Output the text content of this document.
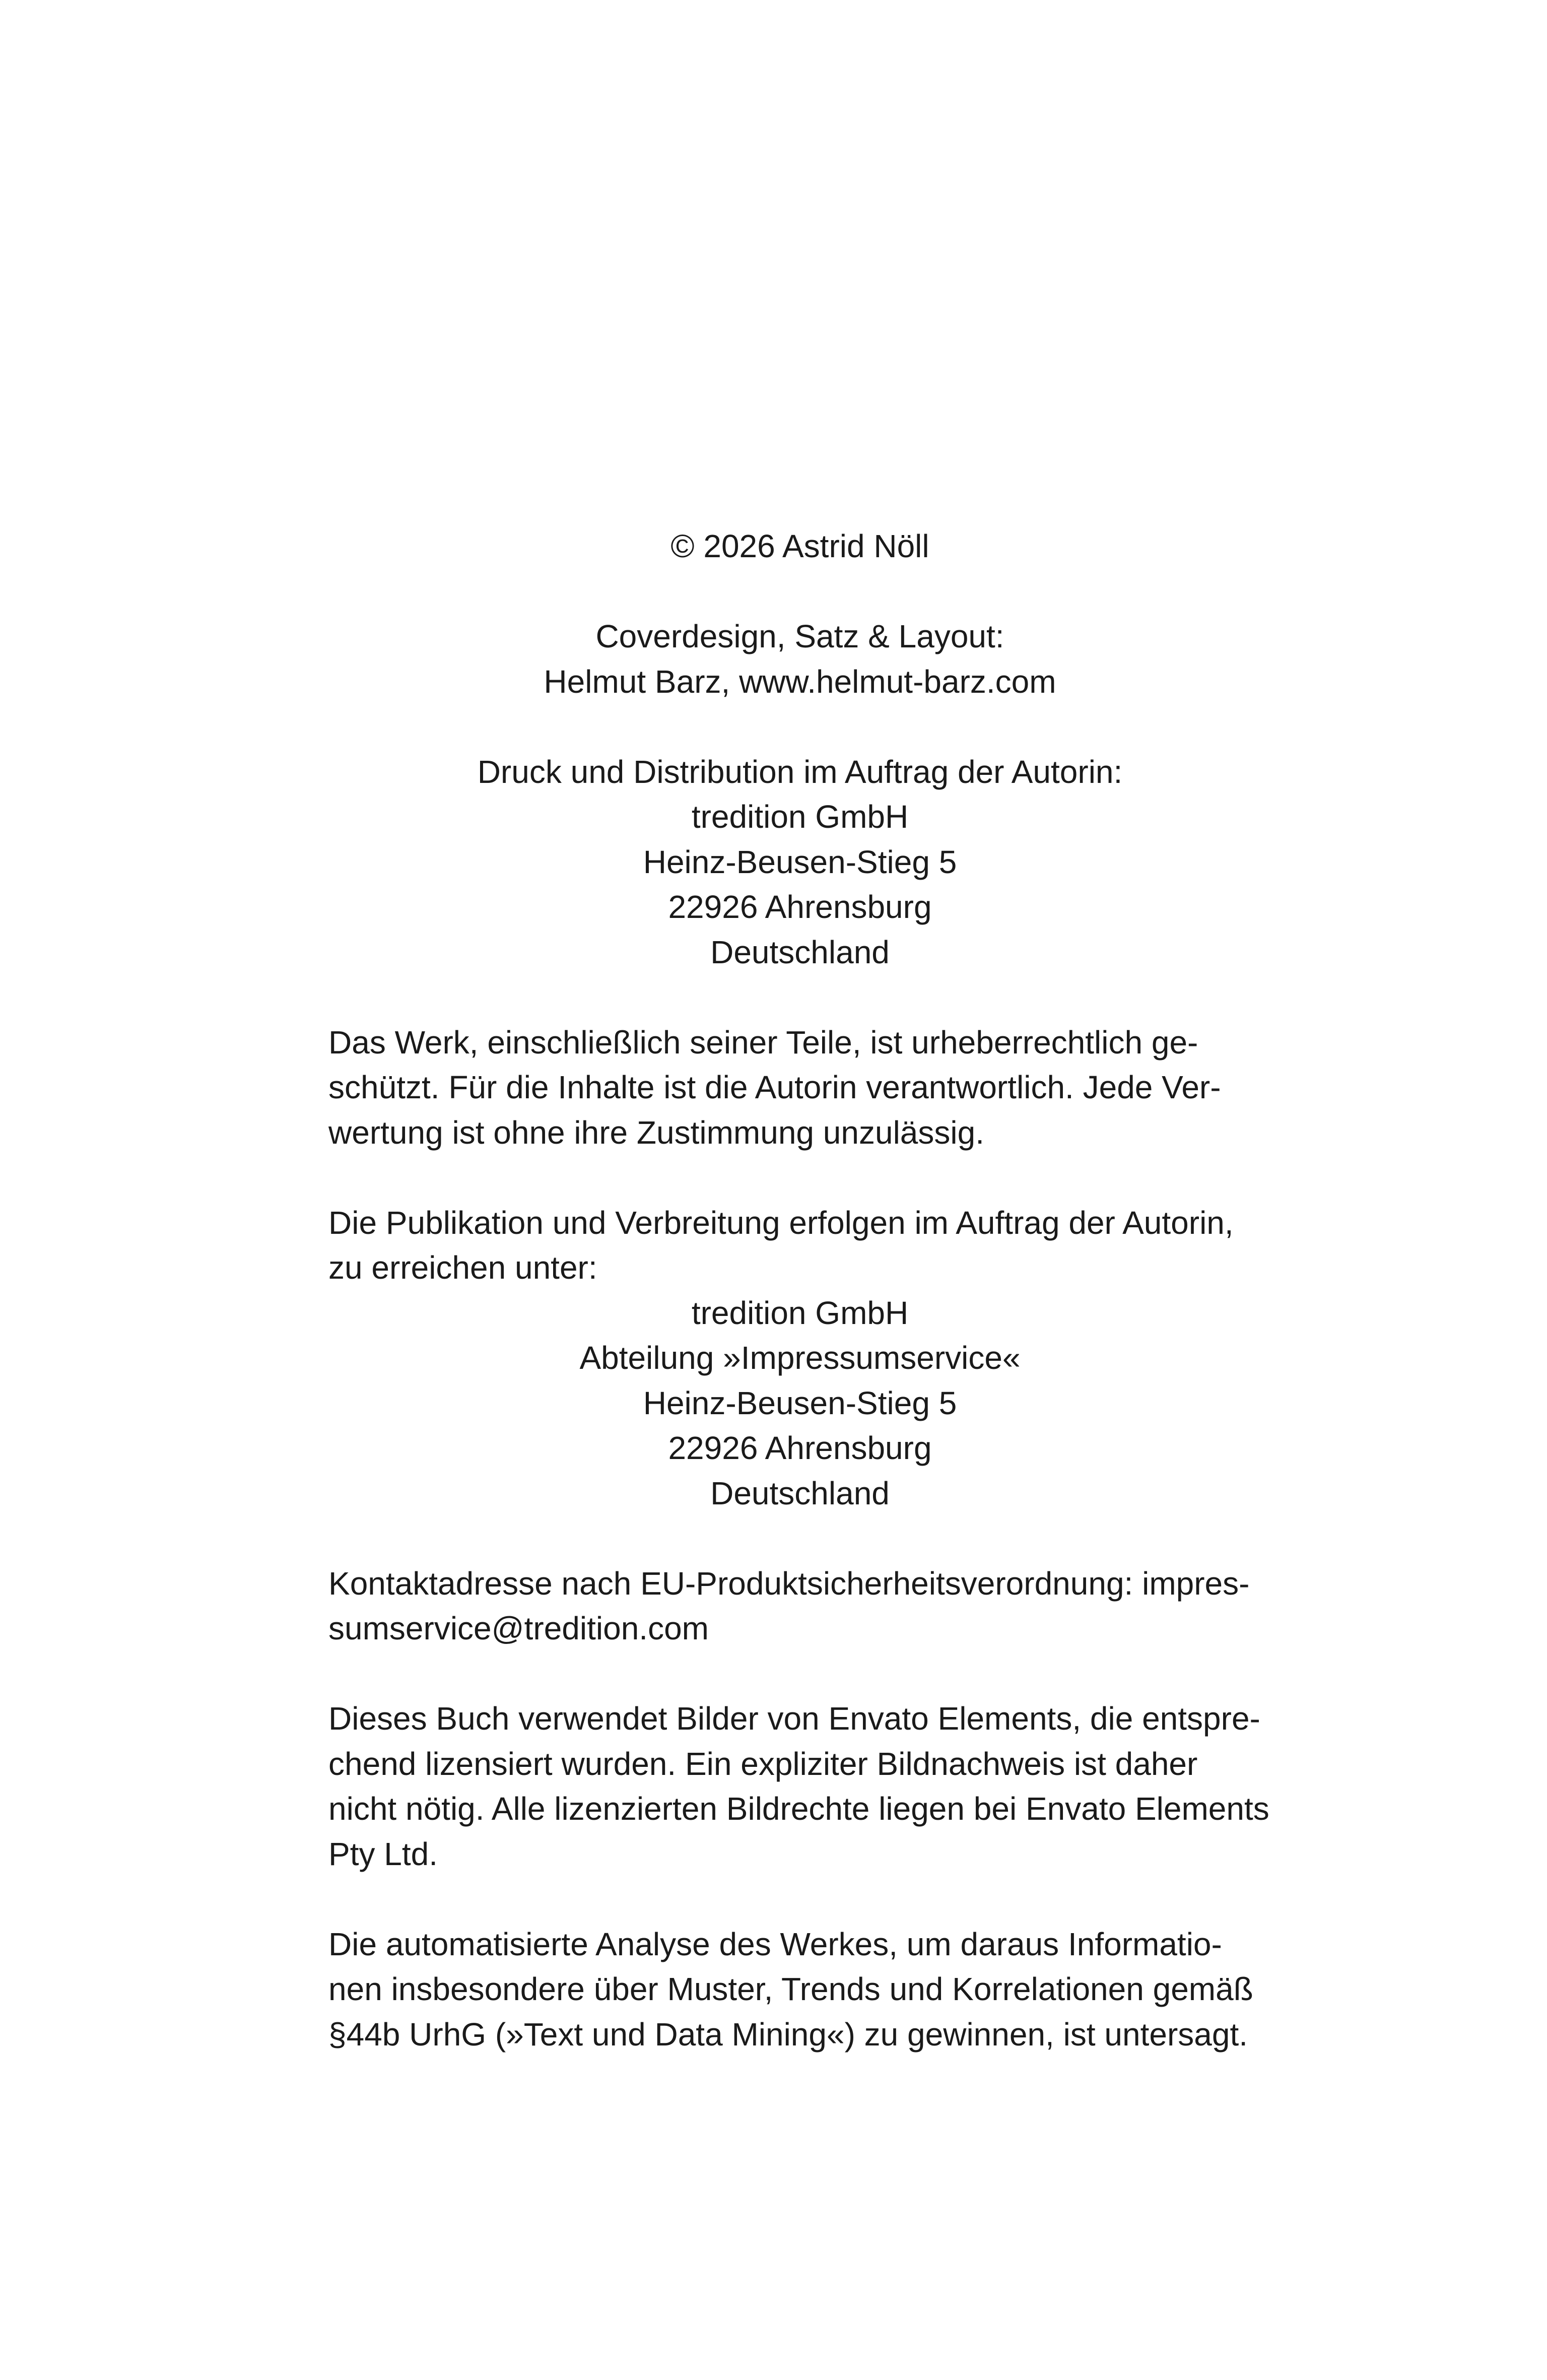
© 2026 Astrid Nöll
Coverdesign, Satz & Layout:
Helmut Barz, www.helmut-barz.com
Druck und Distribution im Auftrag der Autorin:
tredition GmbH
Heinz-Beusen-Stieg 5
22926 Ahrensburg
Deutschland
Das Werk, einschließlich seiner Teile, ist urheberrechtlich ge-
schützt. Für die Inhalte ist die Autorin verantwortlich. Jede Ver-
wertung ist ohne ihre Zustimmung unzulässig.
Die Publikation und Verbreitung erfolgen im Auftrag der Autorin,
zu erreichen unter:
tredition GmbH
Abteilung »Impressumservice«
Heinz-Beusen-Stieg 5
22926 Ahrensburg
Deutschland
Kontaktadresse nach EU-Produktsicherheitsverordnung: impres-
sumservice@tredition.com
Dieses Buch verwendet Bilder von Envato Elements, die entspre-
chend lizensiert wurden. Ein expliziter Bildnachweis ist daher
nicht nötig. Alle lizenzierten Bildrechte liegen bei Envato Elements
Pty Ltd.
Die automatisierte Analyse des Werkes, um daraus Informatio-
nen insbesondere über Muster, Trends und Korrelationen gemäß
§44b UrhG (»Text und Data Mining«) zu gewinnen, ist untersagt.
